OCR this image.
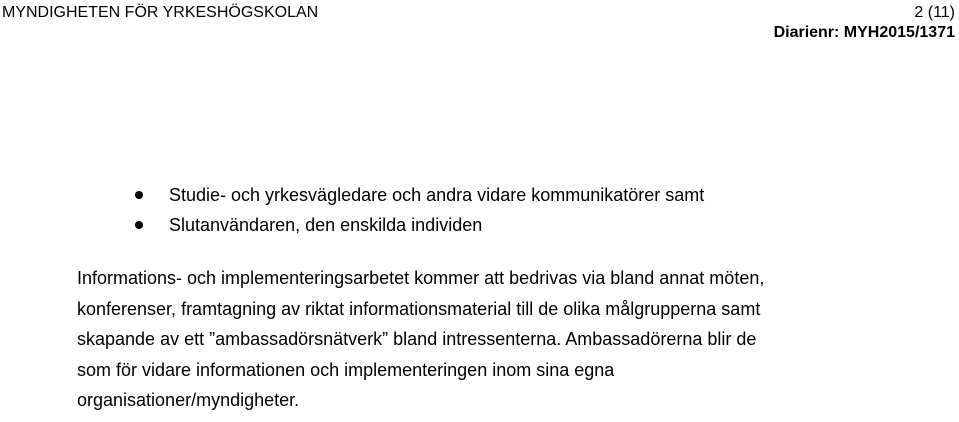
MYNDIGHETEN FÖR YRKESHÖGSKOLAN	2 (11)
Diarienr: MYH2015/1371
Studie- och yrkesvägledare och andra vidare kommunikatörer samt
Slutanvändaren, den enskilda individen

Informations- och implementeringsarbetet kommer att bedrivas via bland annat möten,
konferenser, framtagning av riktat informationsmaterial till de olika målgrupperna samt
skapande av ett ”ambassadörsnätverk” bland intressenterna. Ambassadörerna blir de
som för vidare informationen och implementeringen inom sina egna
organisationer/myndigheter.
